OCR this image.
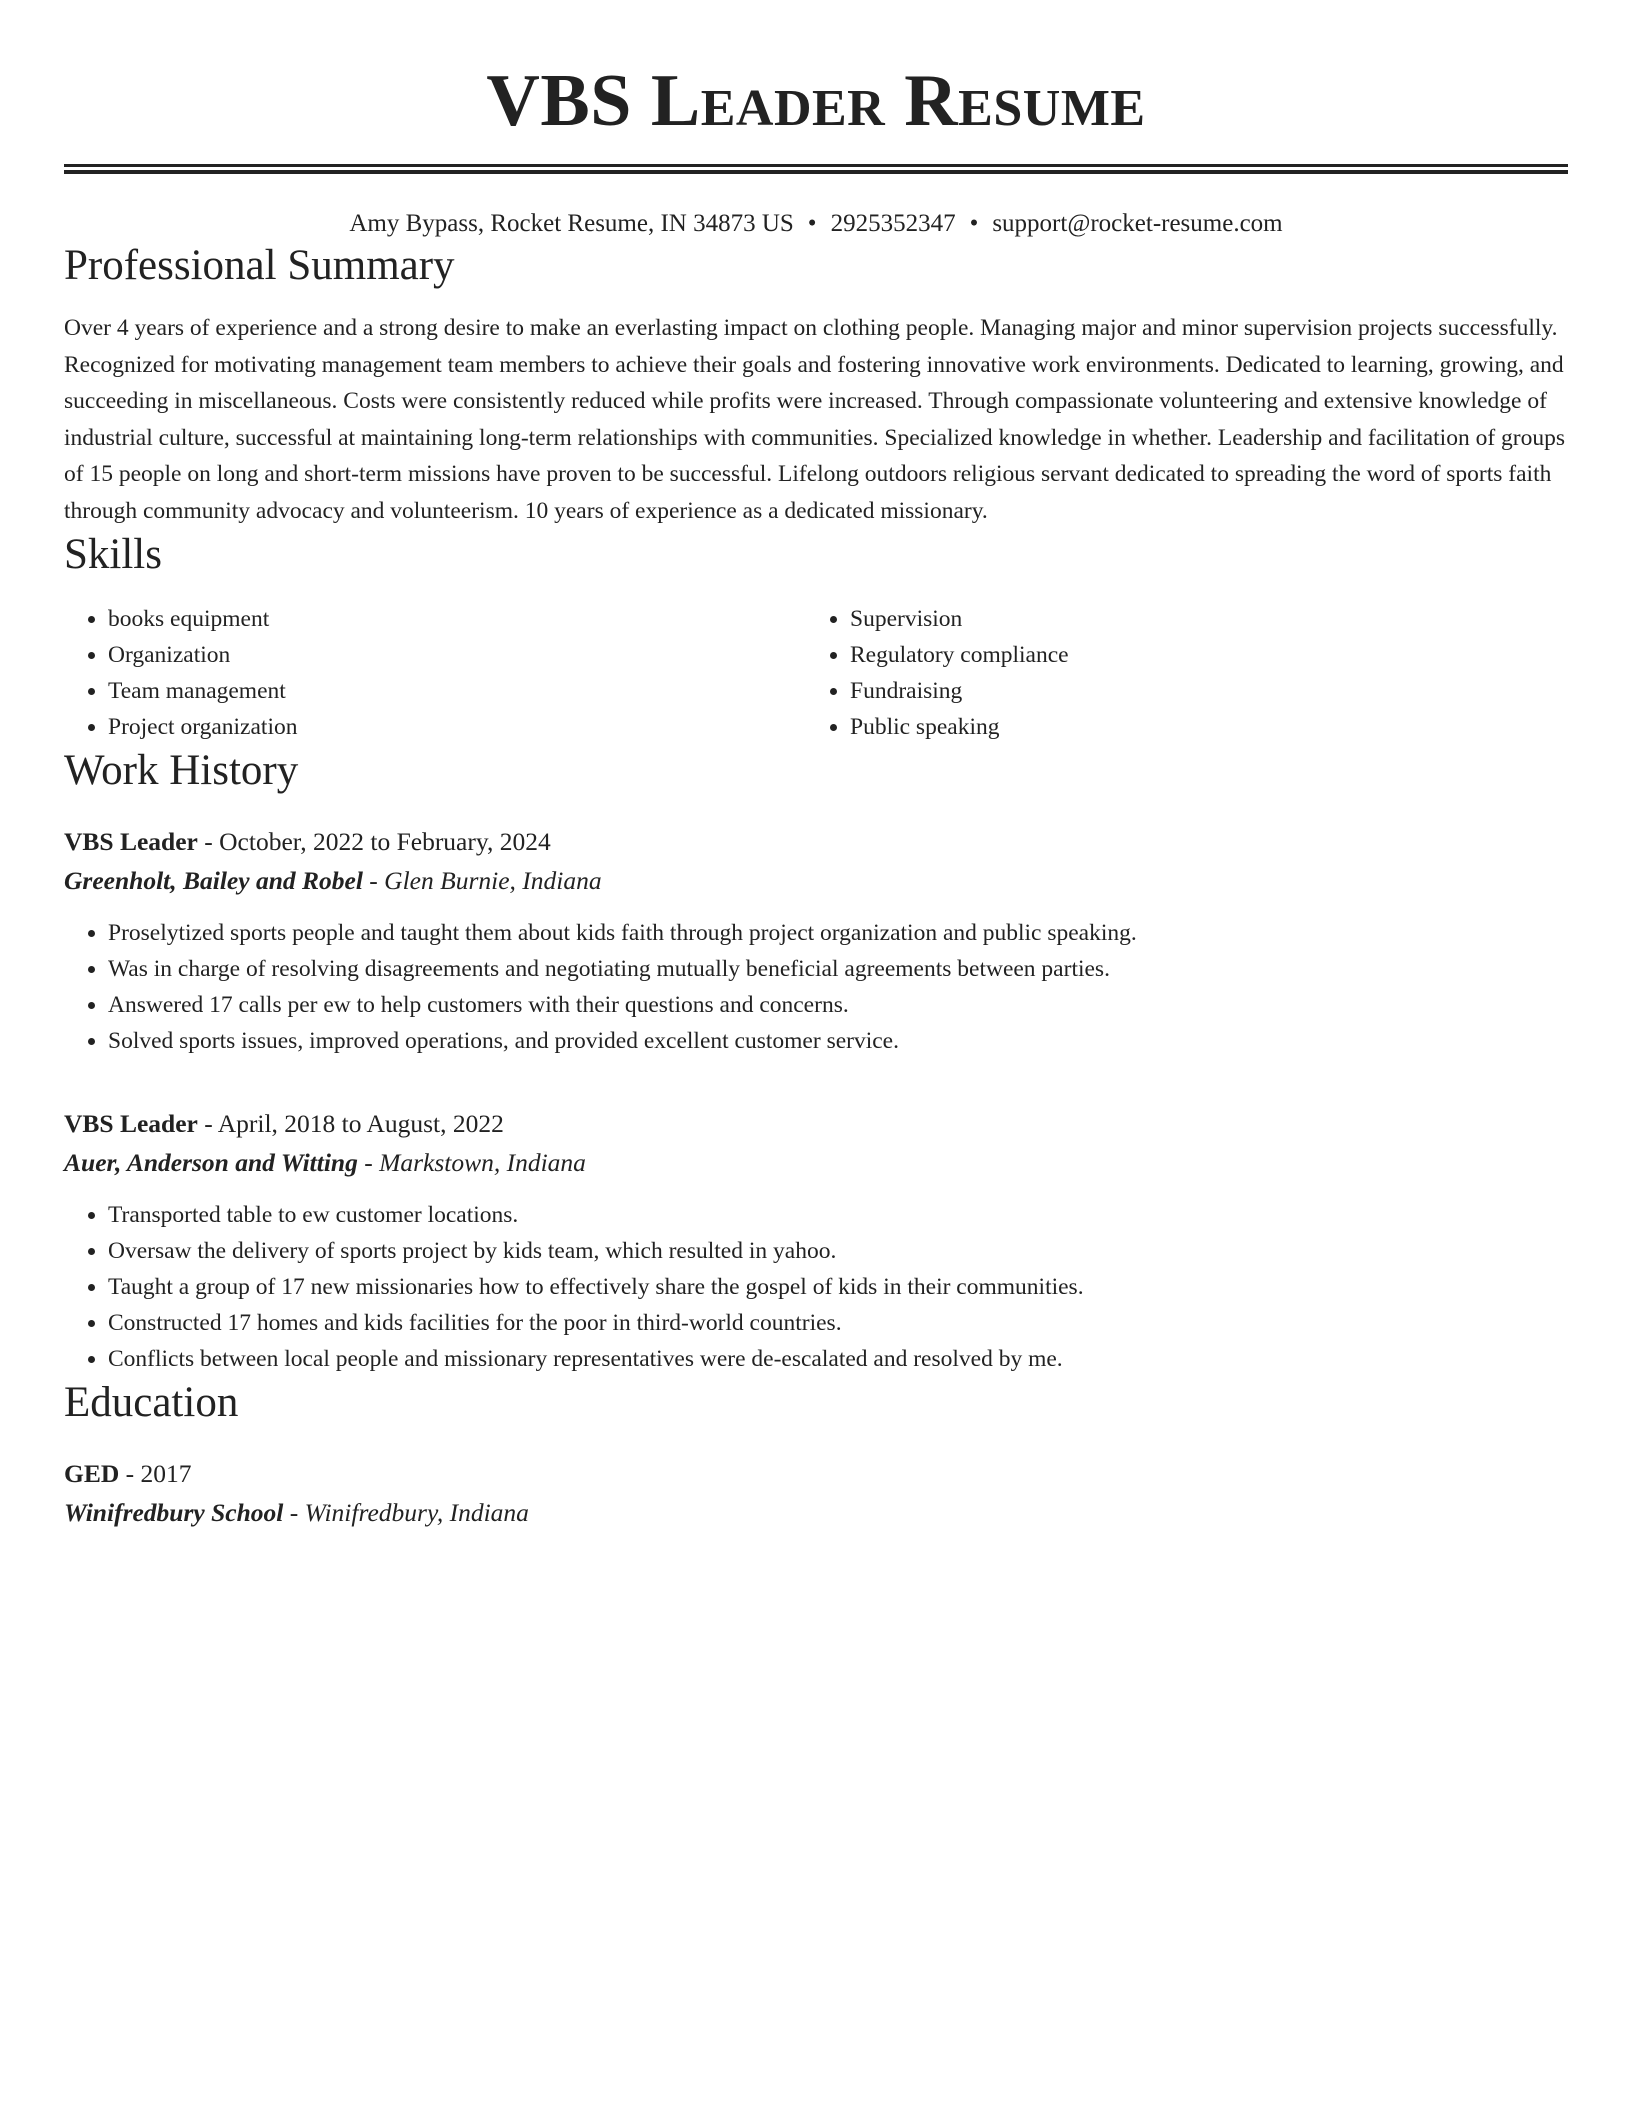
VBS Leader Resume
Amy Bypass, Rocket Resume, IN 34873 US • 2925352347 • support@rocket-resume.com
Professional Summary

Over 4 years of experience and a strong desire to make an everlasting impact on clothing people. Managing major and minor supervision projects successfully. Recognized for motivating management team members to achieve their goals and fostering innovative work environments. Dedicated to learning, growing, and succeeding in miscellaneous. Costs were consistently reduced while profits were increased. Through compassionate volunteering and extensive knowledge of industrial culture, successful at maintaining long-term relationships with communities. Specialized knowledge in whether. Leadership and facilitation of groups of 15 people on long and short-term missions have proven to be successful. Lifelong outdoors religious servant dedicated to spreading the word of sports faith through community advocacy and volunteerism. 10 years of experience as a dedicated missionary.

Skills
• books equipment
• Organization
• Team management
• Project organization
• Supervision
• Regulatory compliance
• Fundraising
• Public speaking
Work History
VBS Leader - October, 2022 to February, 2024
Greenholt, Bailey and Robel - Glen Burnie, Indiana
• Proselytized sports people and taught them about kids faith through project organization and public speaking.
• Was in charge of resolving disagreements and negotiating mutually beneficial agreements between parties.
• Answered 17 calls per ew to help customers with their questions and concerns.
• Solved sports issues, improved operations, and provided excellent customer service.
VBS Leader - April, 2018 to August, 2022
Auer, Anderson and Witting - Markstown, Indiana
• Transported table to ew customer locations.
• Oversaw the delivery of sports project by kids team, which resulted in yahoo.
• Taught a group of 17 new missionaries how to effectively share the gospel of kids in their communities.
• Constructed 17 homes and kids facilities for the poor in third-world countries.
• Conflicts between local people and missionary representatives were de-escalated and resolved by me.
Education
GED - 2017
Winifredbury School - Winifredbury, Indiana
